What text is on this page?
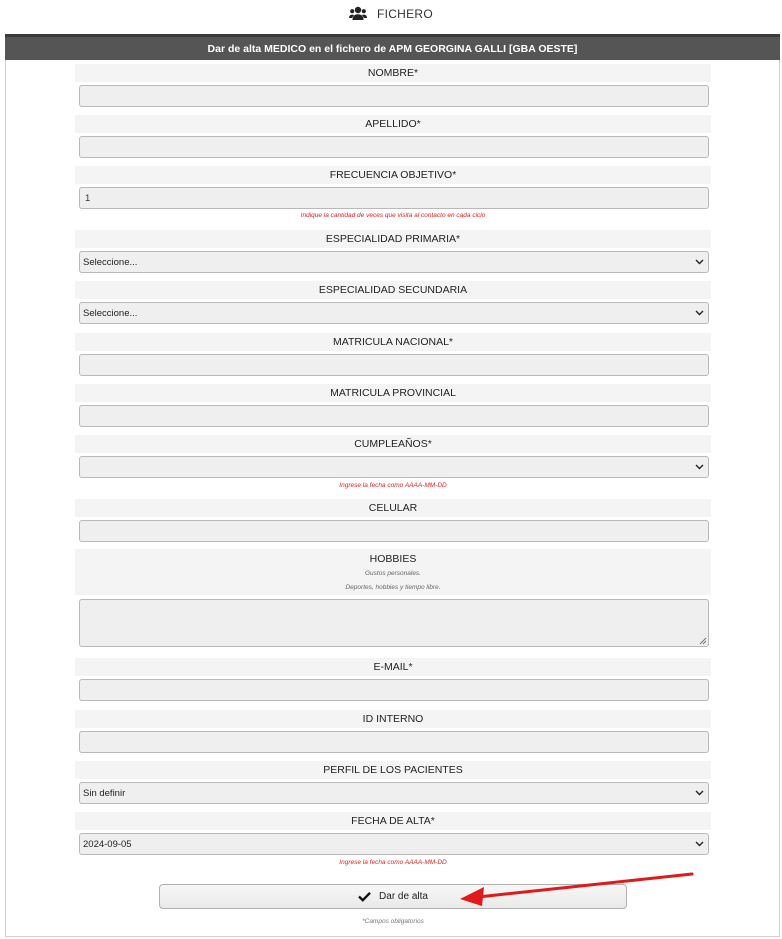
FICHERO
Dar de alta MEDICO en el fichero de APM GEORGINA GALLI [GBA OESTE]
NOMBRE*
APELLIDO*
FRECUENCIA OBJETIVO*
1
Indique la cantidad de veces que visita al contacto en cada ciclo
ESPECIALIDAD PRIMARIA*
Seleccione...
ESPECIALIDAD SECUNDARIA
Seleccione...
MATRICULA NACIONAL*
MATRICULA PROVINCIAL
CUMPLEAÑOS*
Ingrese la fecha como AAAA-MM-DD
CELULAR
HOBBIES
Gustos personales.
Deportes, hobbies y tiempo libre.
E-MAIL*
ID INTERNO
PERFIL DE LOS PACIENTES
Sin definir
FECHA DE ALTA*
2024-09-05
Ingrese la fecha como AAAA-MM-DD
Dar de alta
*Campos obligatorios
